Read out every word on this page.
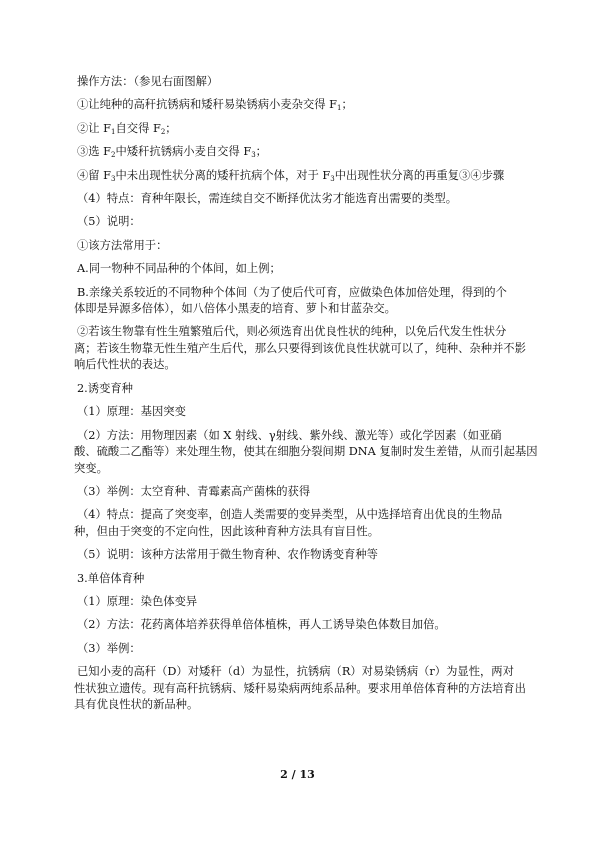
操作方法：（参见右面图解）
①让纯种的高秆抗锈病和矮秆易染锈病小麦杂交得 $F_1$；
②让 $F_1$自交得 $F_2$；
③选 $F_2$中矮秆抗锈病小麦自交得 $F_3$；
④留 $F_3$中未出现性状分离的矮秆抗病个体，对于 $F_3$中出现性状分离的再重复③④步骤
（4）特点：育种年限长，需连续自交不断择优汰劣才能选育出需要的类型。
（5）说明：
①该方法常用于：
A.同一物种不同品种的个体间，如上例；
B.亲缘关系较近的不同物种个体间（为了使后代可育，应做染色体加倍处理，得到的个
体即是异源多倍体），如八倍体小黑麦的培育、萝卜和甘蓝杂交。
②若该生物靠有性生殖繁殖后代，则必须选育出优良性状的纯种，以免后代发生性状分
离；若该生物靠无性生殖产生后代，那么只要得到该优良性状就可以了，纯种、杂种并不影
响后代性状的表达。
2.诱变育种
（1）原理：基因突变
（2）方法：用物理因素（如 X 射线、γ射线、紫外线、激光等）或化学因素（如亚硝
酸、硫酸二乙酯等）来处理生物，使其在细胞分裂间期 DNA 复制时发生差错，从而引起基因
突变。
（3）举例：太空育种、青霉素高产菌株的获得
（4）特点：提高了突变率，创造人类需要的变异类型，从中选择培育出优良的生物品
种，但由于突变的不定向性，因此该种育种方法具有盲目性。
（5）说明：该种方法常用于微生物育种、农作物诱变育种等
3.单倍体育种
（1）原理：染色体变异
（2）方法：花药离体培养获得单倍体植株，再人工诱导染色体数目加倍。
（3）举例：
已知小麦的高秆（D）对矮秆（d）为显性，抗锈病（R）对易染锈病（r）为显性，两对
性状独立遗传。现有高秆抗锈病、矮秆易染病两纯系品种。要求用单倍体育种的方法培育出
具有优良性状的新品种。
2 / 13
